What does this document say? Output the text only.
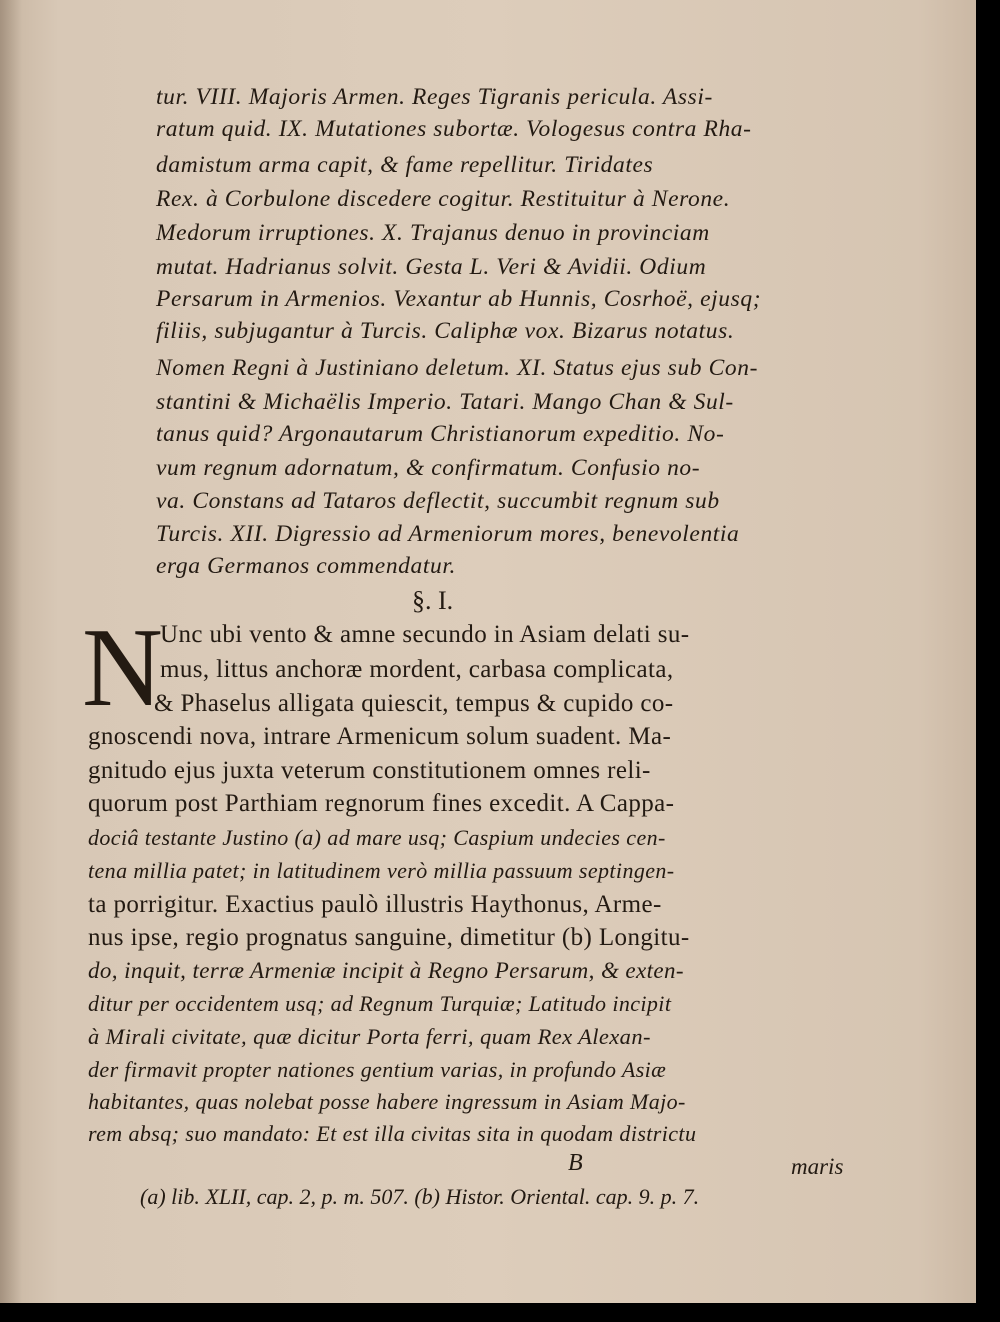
tur. VIII. Majoris Armen. Reges Tigranis pericula. Assi-
ratum quid. IX. Mutationes subortæ. Vologesus contra Rha-
damistum arma capit, & fame repellitur. Tiridates
Rex. à Corbulone discedere cogitur. Restituitur à Nerone.
Medorum irruptiones. X. Trajanus denuo in provinciam
mutat. Hadrianus solvit. Gesta L. Veri & Avidii. Odium
Persarum in Armenios. Vexantur ab Hunnis, Cosrhoë, ejusq;
filiis, subjugantur à Turcis. Caliphæ vox. Bizarus notatus.
Nomen Regni à Justiniano deletum. XI. Status ejus sub Con-
stantini & Michaëlis Imperio. Tatari. Mango Chan & Sul-
tanus quid? Argonautarum Christianorum expeditio. No-
vum regnum adornatum, & confirmatum. Confusio no-
va. Constans ad Tataros deflectit, succumbit regnum sub
Turcis. XII. Digressio ad Armeniorum mores, benevolentia
erga Germanos commendatur.
§. I.
N
Unc ubi vento & amne secundo in Asiam delati su-
mus, littus anchoræ mordent, carbasa complicata,
& Phaselus alligata quiescit, tempus & cupido co-
gnoscendi nova, intrare Armenicum solum suadent. Ma-
gnitudo ejus juxta veterum constitutionem omnes reli-
quorum post Parthiam regnorum fines excedit. A Cappa-
dociâ testante Justino (a) ad mare usq; Caspium undecies cen-
tena millia patet; in latitudinem verò millia passuum septingen-
ta porrigitur. Exactius paulò illustris Haythonus, Arme-
nus ipse, regio prognatus sanguine, dimetitur (b) Longitu-
do, inquit, terræ Armeniæ incipit à Regno Persarum, & exten-
ditur per occidentem usq; ad Regnum Turquiæ; Latitudo incipit
à Mirali civitate, quæ dicitur Porta ferri, quam Rex Alexan-
der firmavit propter nationes gentium varias, in profundo Asiæ
habitantes, quas nolebat posse habere ingressum in Asiam Majo-
rem absq; suo mandato: Et est illa civitas sita in quodam districtu
B	maris
(a) lib. XLII, cap. 2, p. m. 507. (b) Histor. Oriental. cap. 9. p. 7.
